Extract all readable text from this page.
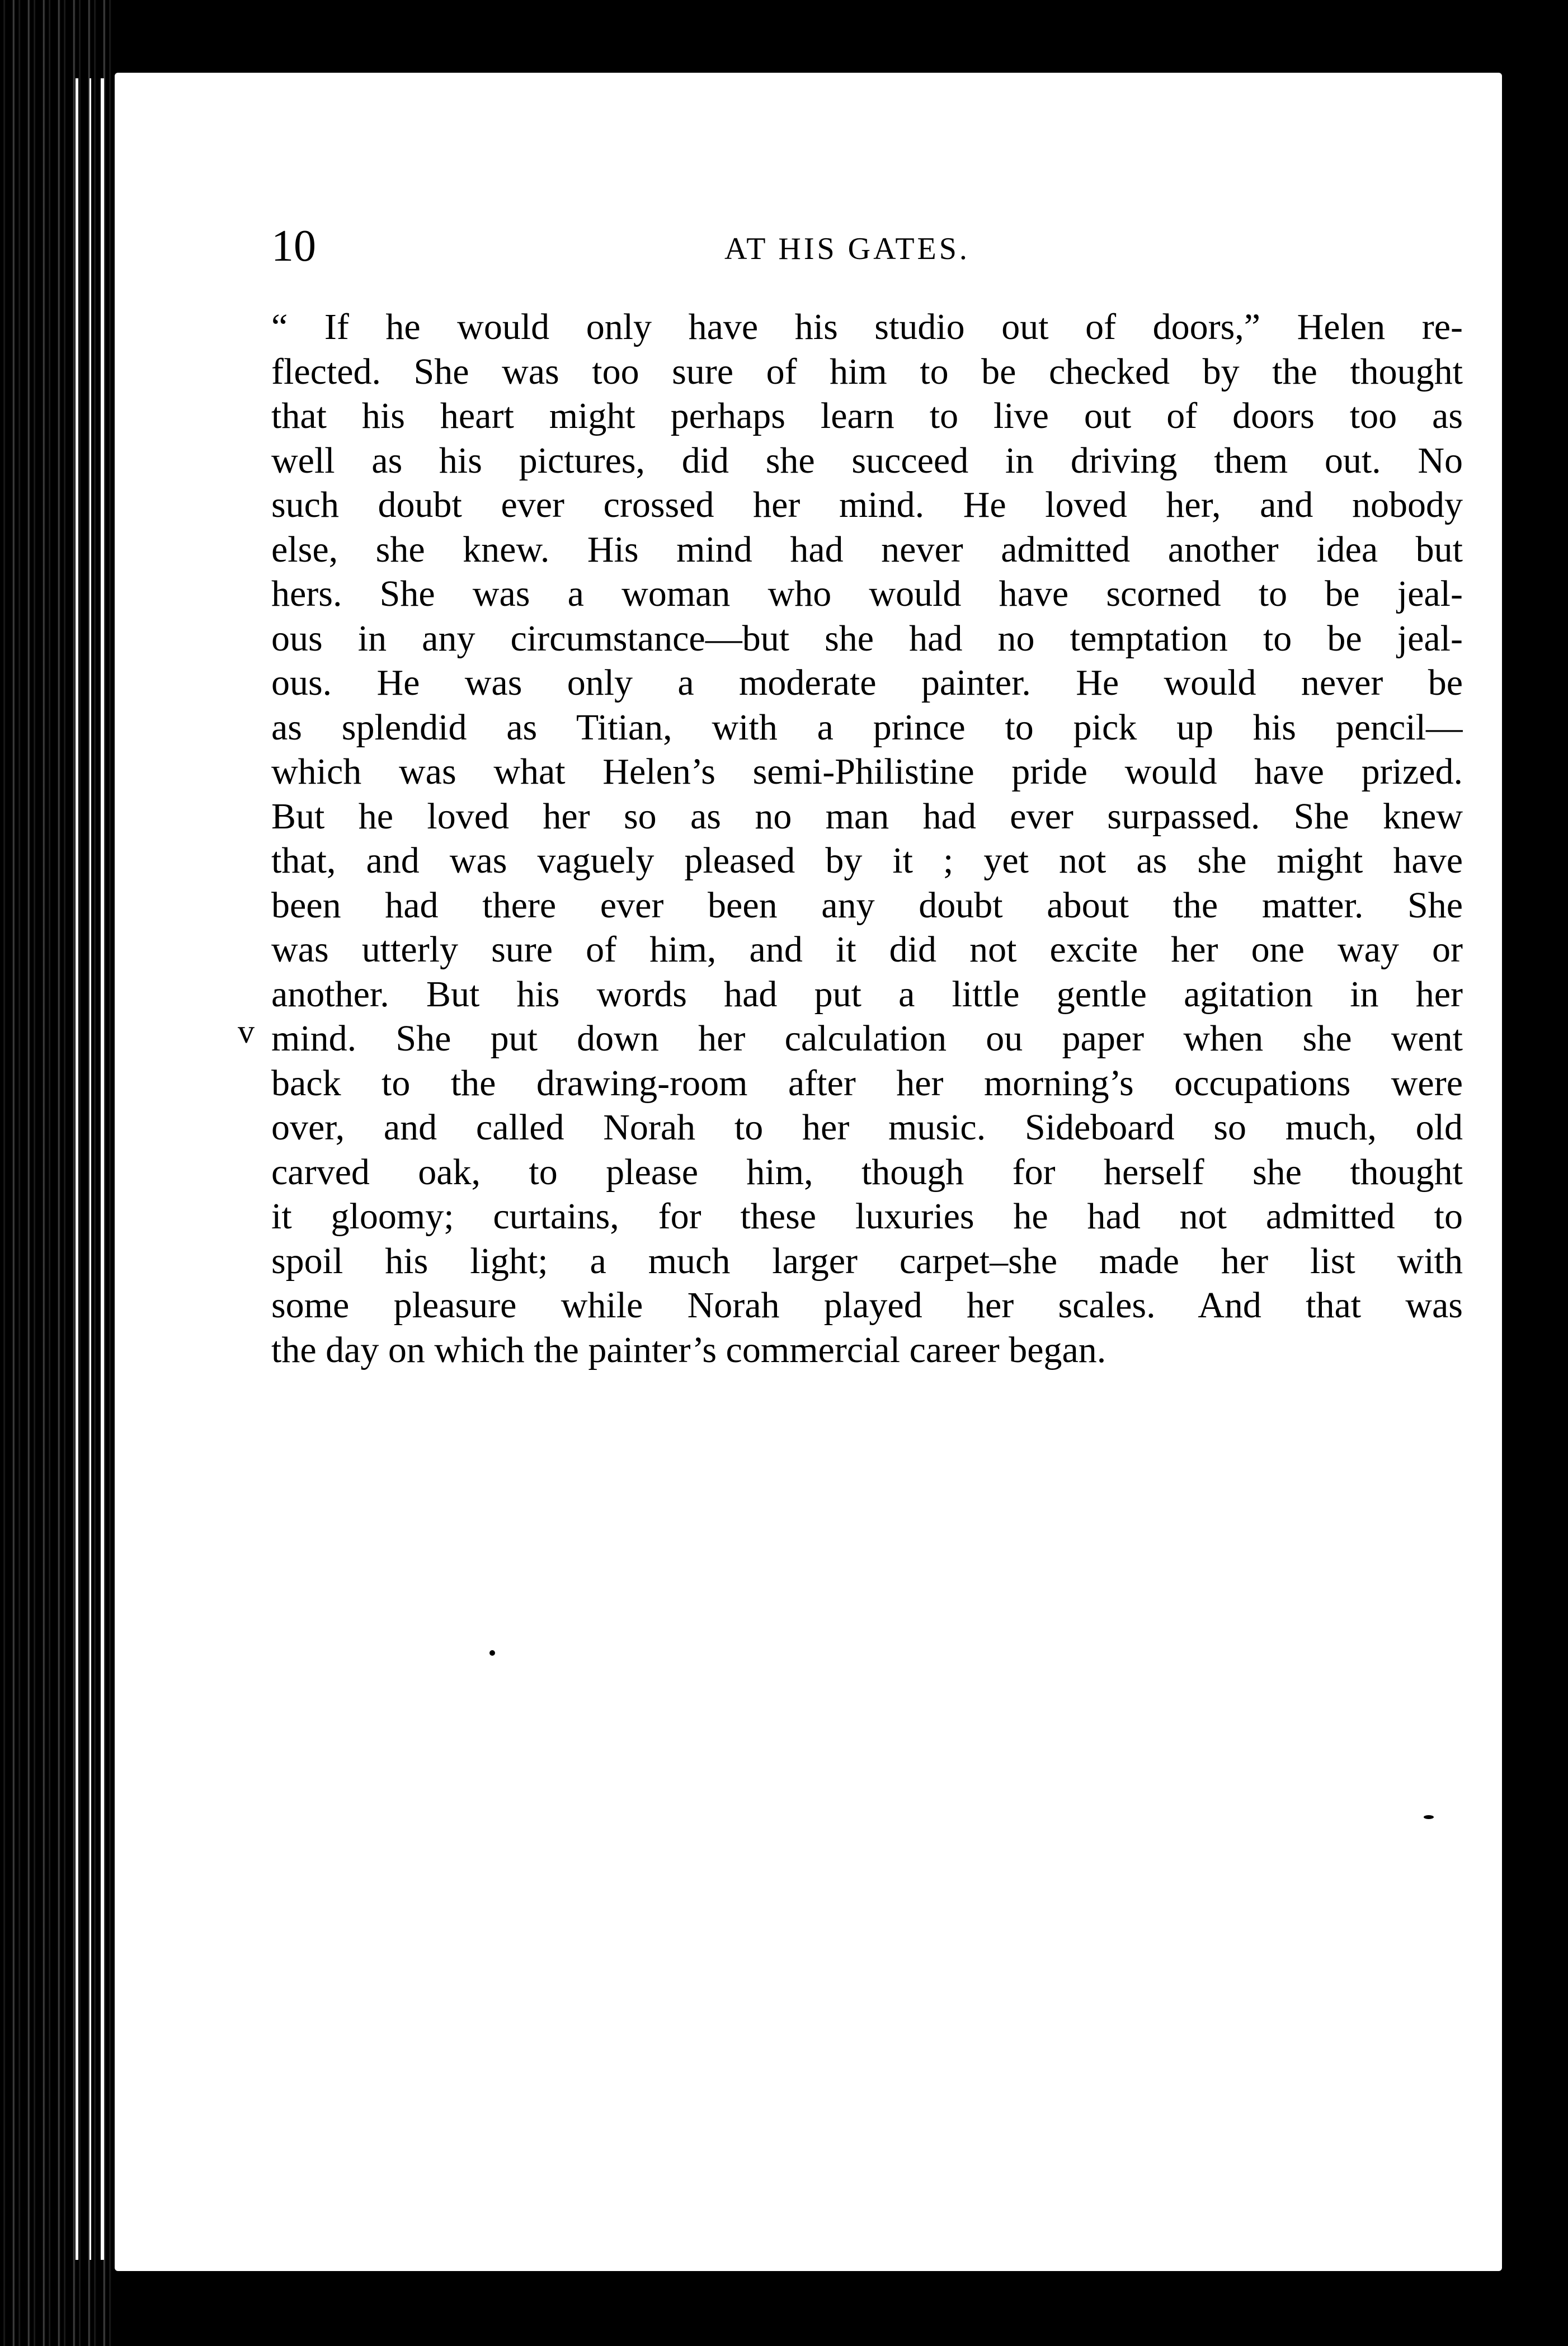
10	AT HIS GATES.
v
“ If he would only have his studio out of doors,” Helen re-
flected. She was too sure of him to be checked by the thought
that his heart might perhaps learn to live out of doors too as
well as his pictures, did she succeed in driving them out. No
such doubt ever crossed her mind. He loved her, and nobody
else, she knew. His mind had never admitted another idea but
hers. She was a woman who would have scorned to be jeal-
ous in any circumstance—but she had no temptation to be jeal-
ous. He was only a moderate painter. He would never be
as splendid as Titian, with a prince to pick up his pencil—
which was what Helen’s semi-Philistine pride would have prized.
But he loved her so as no man had ever surpassed. She knew
that, and was vaguely pleased by it ; yet not as she might have
been had there ever been any doubt about the matter. She
was utterly sure of him, and it did not excite her one way or
another. But his words had put a little gentle agitation in her
mind. She put down her calculation ou paper when she went
back to the drawing-room after her morning’s occupations were
over, and called Norah to her music. Sideboard so much, old
carved oak, to please him, though for herself she thought
it gloomy; curtains, for these luxuries he had not admitted to
spoil his light; a much larger carpet–she made her list with
some pleasure while Norah played her scales. And that was
the day on which the painter’s commercial career began.
